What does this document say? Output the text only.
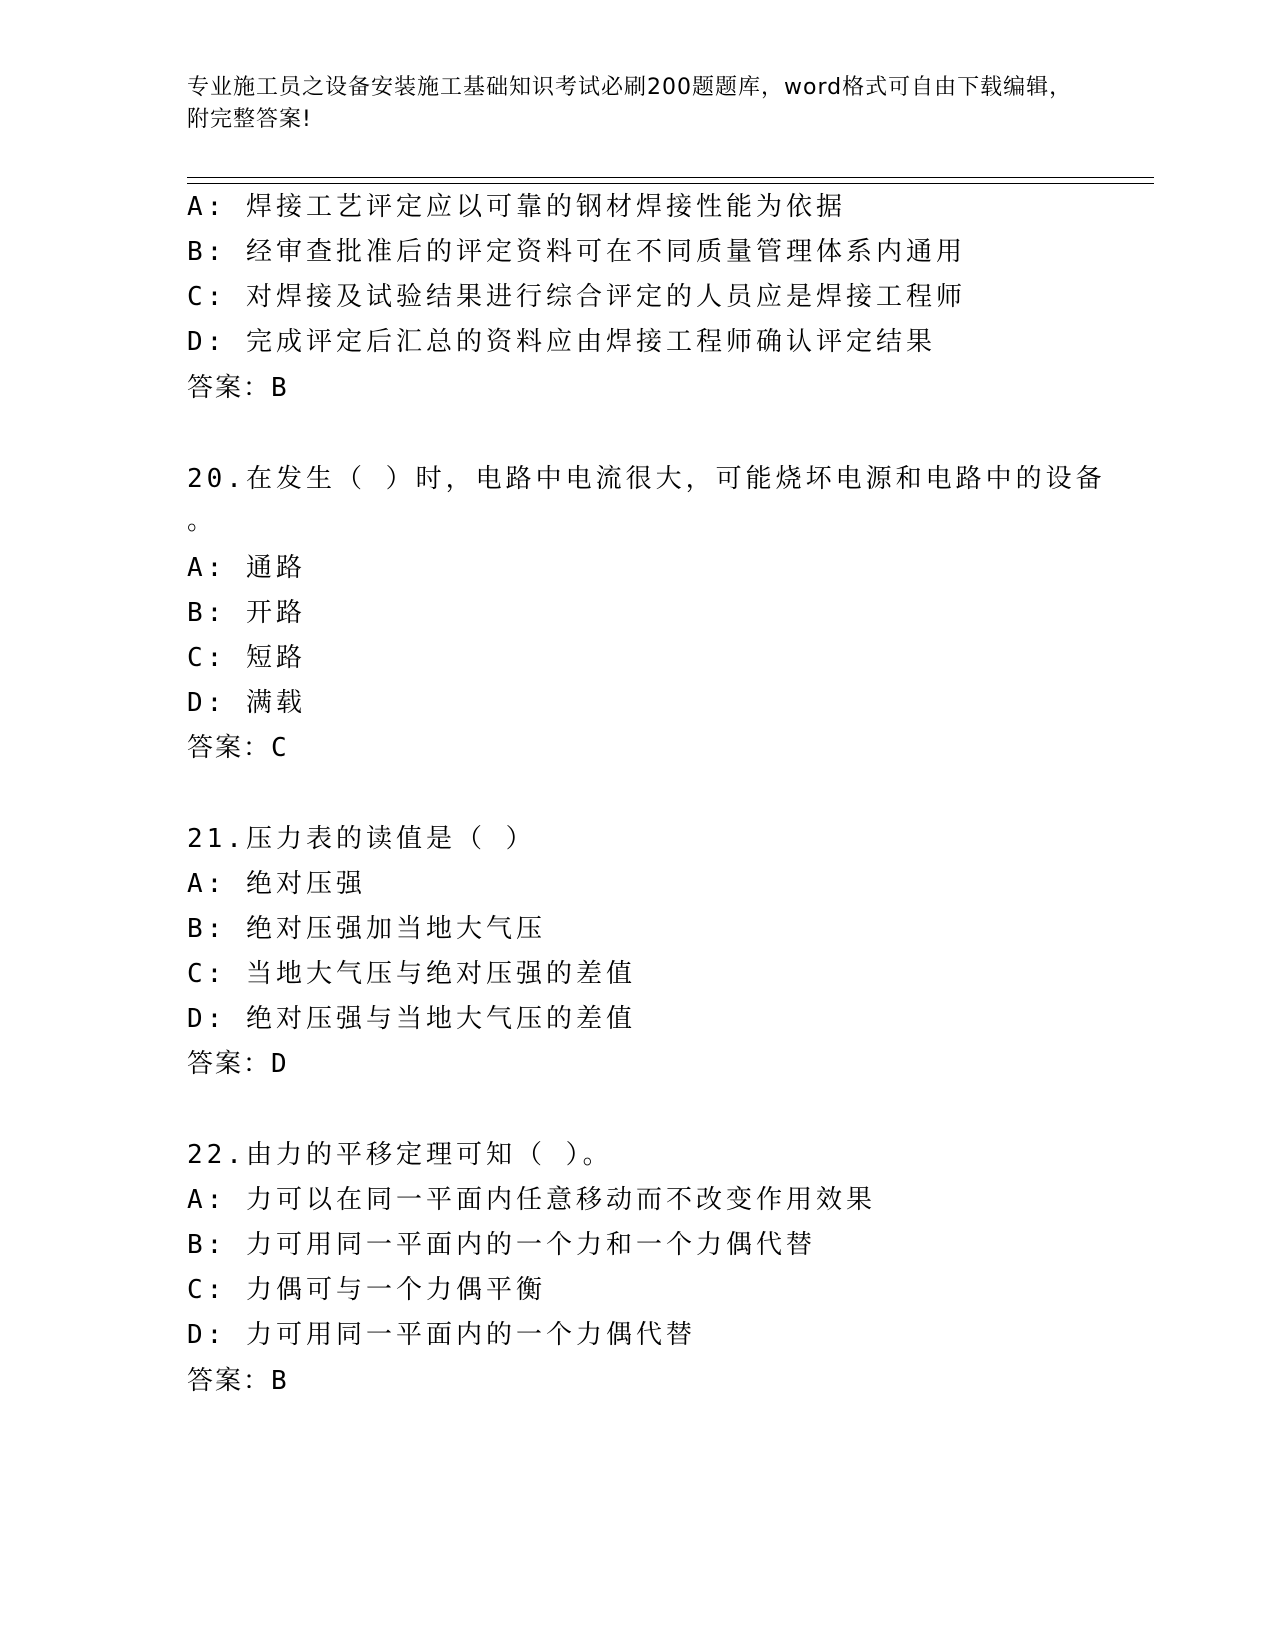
专业施工员之设备安装施工基础知识考试必刷200题题库，word格式可自由下载编辑，附完整答案!
A: 焊接工艺评定应以可靠的钢材焊接性能为依据
B: 经审查批准后的评定资料可在不同质量管理体系内通用
C: 对焊接及试验结果进行综合评定的人员应是焊接工程师
D: 完成评定后汇总的资料应由焊接工程师确认评定结果
答案：B
20.在发生（ ）时，电路中电流很大，可能烧坏电源和电路中的设备
。
A: 通路
B: 开路
C: 短路
D: 满载
答案：C
21.压力表的读值是（ ）
A: 绝对压强
B: 绝对压强加当地大气压
C: 当地大气压与绝对压强的差值
D: 绝对压强与当地大气压的差值
答案：D
22.由力的平移定理可知（ ）。
A: 力可以在同一平面内任意移动而不改变作用效果
B: 力可用同一平面内的一个力和一个力偶代替
C: 力偶可与一个力偶平衡
D: 力可用同一平面内的一个力偶代替
答案：B
